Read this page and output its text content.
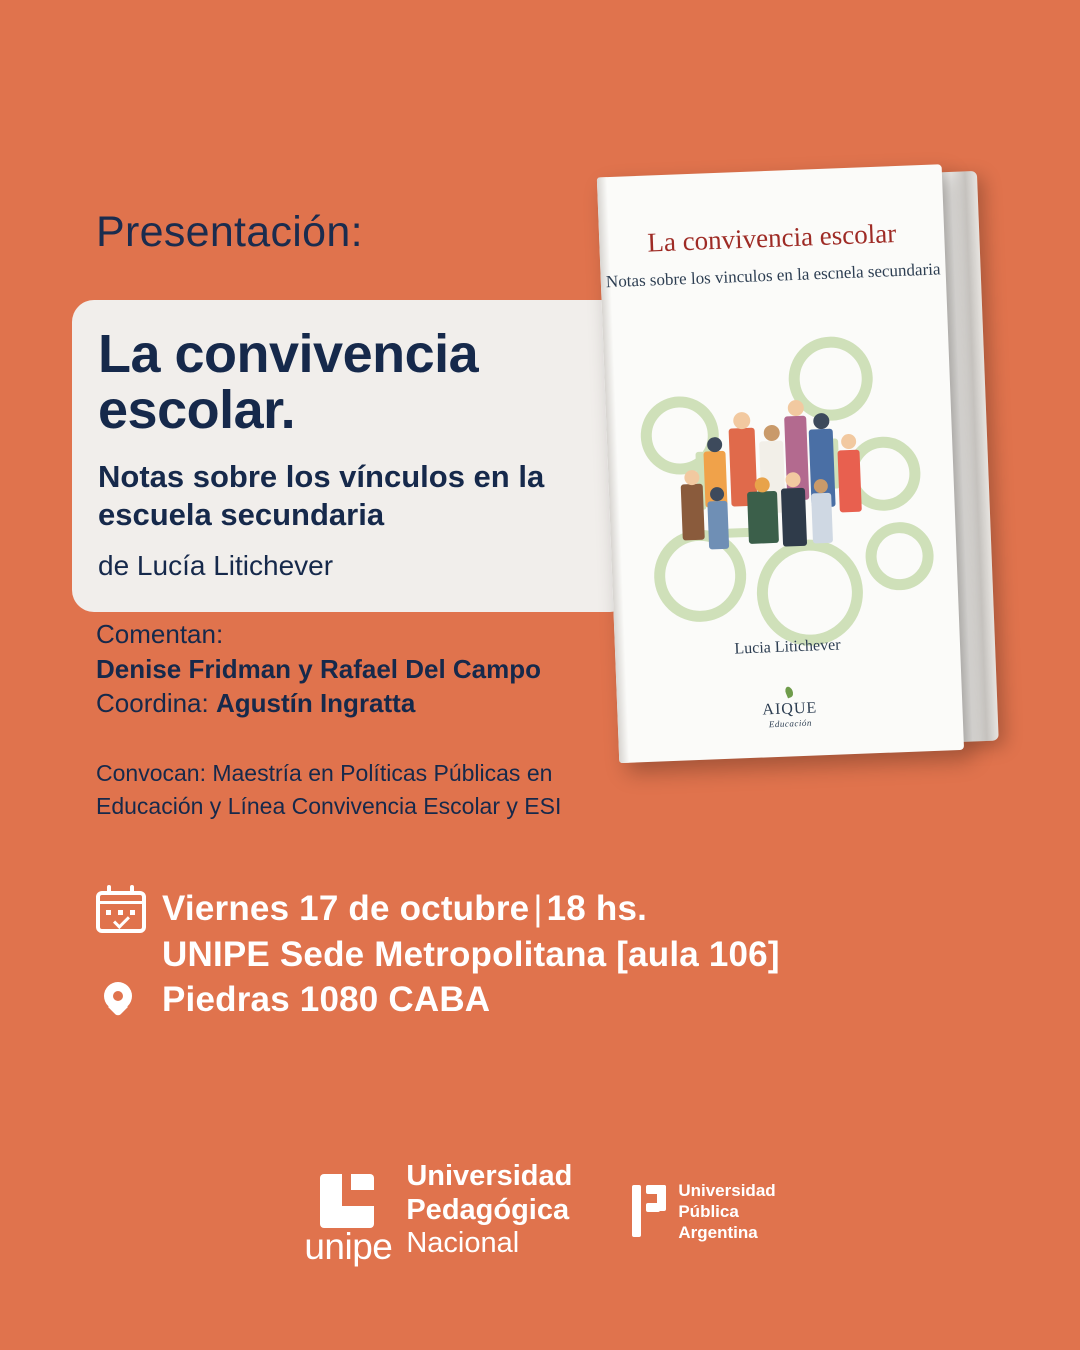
Presentación:
La convivencia escolar.
Notas sobre los vínculos en la escuela secundaria
de Lucía Litichever
Comentan:
Denise Fridman y Rafael Del Campo
Coordina: Agustín Ingratta
Convocan: Maestría en Políticas Públicas en Educación y Línea Convivencia Escolar y ESI
Viernes 17 de octubre | 18 hs.
UNIPE Sede Metropolitana [aula 106]
Piedras 1080 CABA
La convivencia escolar
Notas sobre los vinculos en la escnela secundaria
Lucia Litichever
AIQUE
Educación
unipe
Universidad
Pedagógica
Nacional
Universidad
Pública
Argentina
